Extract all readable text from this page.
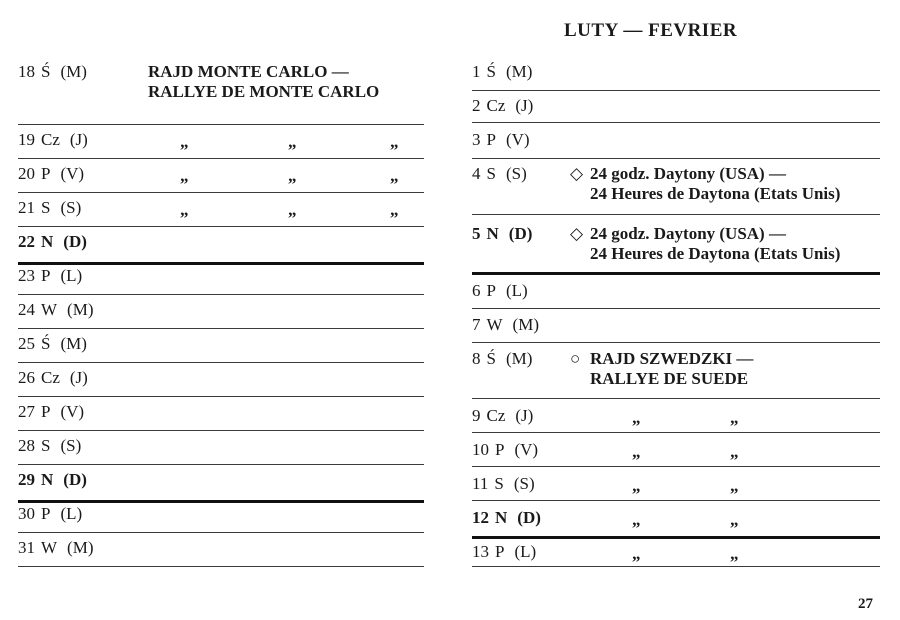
LUTY — FEVRIER
18 Ś (M)	RAJD MONTE CARLO —
RALLYE DE MONTE CARLO
19 Cz (J)	„	„	„
20 P (V)	„	„	„
21 S (S)	„	„	„
22 N (D)
23 P (L)
24 W (M)
25 Ś (M)
26 Cz (J)
27 P (V)
28 S (S)
29 N (D)
30 P (L)
31 W (M)
1 Ś (M)
2 Cz (J)
3 P (V)
4 S (S)	◇ 24 godz. Daytony (USA) —
24 Heures de Daytona (Etats Unis)
5 N (D) ◇ 24 godz. Daytony (USA) —
24 Heures de Daytona (Etats Unis)
6 P (L)
7 W (M)
8 Ś (M) ○ RAJD SZWEDZKI —
RALLYE DE SUEDE
9 Cz (J)	„	„
10 P (V)	„	„
11 S (S)	„	„
12 N (D)	„	„
13 P (L)	„	„
27
